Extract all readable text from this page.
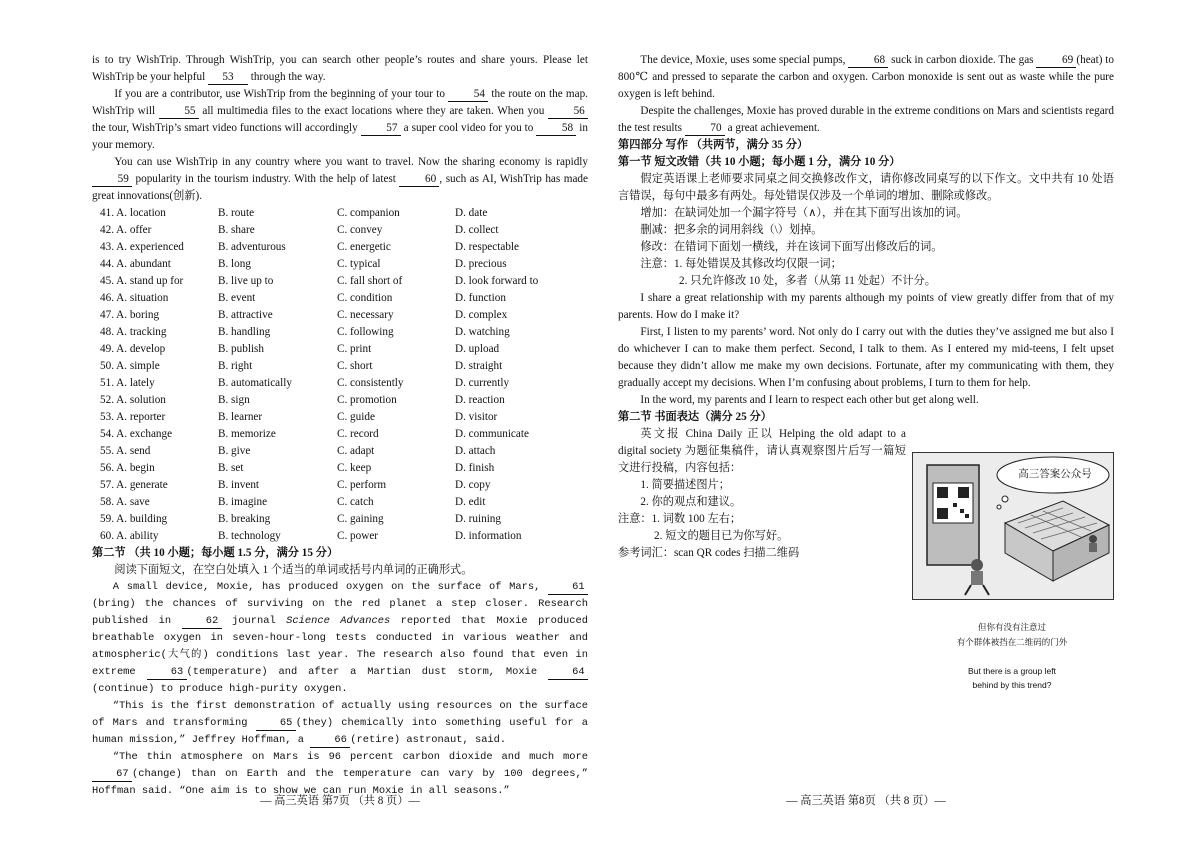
is to try WishTrip. Through WishTrip, you can search other people’s routes and share yours. Please let WishTrip be your helpful 53 through the way.

If you are a contributor, use WishTrip from the beginning of your tour to 54 the route on the map. WishTrip will 55 all multimedia files to the exact locations where they are taken. When you 56 the tour, WishTrip’s smart video functions will accordingly 57 a super cool video for you to 58 in your memory.

You can use WishTrip in any country where you want to travel. Now the sharing economy is rapidly 59 popularity in the tourism industry. With the help of latest 60 , such as AI, WishTrip has made great innovations(创新).

41. A. location	B. route	C. companion	D. date
42. A. offer	B. share	C. convey	D. collect
43. A. experienced	B. adventurous	C. energetic	D. respectable
44. A. abundant	B. long	C. typical	D. precious
45. A. stand up for	B. live up to	C. fall short of	D. look forward to
46. A. situation	B. event	C. condition	D. function
47. A. boring	B. attractive	C. necessary	D. complex
48. A. tracking	B. handling	C. following	D. watching
49. A. develop	B. publish	C. print	D. upload
50. A. simple	B. right	C. short	D. straight
51. A. lately	B. automatically	C. consistently	D. currently
52. A. solution	B. sign	C. promotion	D. reaction
53. A. reporter	B. learner	C. guide	D. visitor
54. A. exchange	B. memorize	C. record	D. communicate
55. A. send	B. give	C. adapt	D. attach
56. A. begin	B. set	C. keep	D. finish
57. A. generate	B. invent	C. perform	D. copy
58. A. save	B. imagine	C. catch	D. edit
59. A. building	B. breaking	C. gaining	D. ruining
60. A. ability	B. technology	C. power	D. information

第二节 （共 10 小题；每小题 1.5 分，满分 15 分）

阅读下面短文，在空白处填入 1 个适当的单词或括号内单词的正确形式。

A small device, Moxie, has produced oxygen on the surface of Mars, 61(bring) the chances of surviving on the red planet a step closer. Research published in 62 journal Science Advances reported that Moxie produced breathable oxygen in seven-hour-long tests conducted in various weather and atmospheric(大气的) conditions last year. The research also found that even in extreme 63 (temperature) and after a Martian dust storm, Moxie 64(continue) to produce high-purity oxygen.

“This is the first demonstration of actually using resources on the surface of Mars and transforming 65 (they) chemically into something useful for a human mission,” Jeffrey Hoffman, a 66 (retire) astronaut, said.

“The thin atmosphere on Mars is 96 percent carbon dioxide and much more 67 (change) than on Earth and the temperature can vary by 100 degrees,” Hoffman said. “One aim is to show we can run Moxie in all seasons.”

— 高三英语 第7页 （共 8 页）—

The device, Moxie, uses some special pumps, 68 suck in carbon dioxide. The gas 69 (heat) to 800℃ and pressed to separate the carbon and oxygen. Carbon monoxide is sent out as waste while the pure oxygen is left behind.

Despite the challenges, Moxie has proved durable in the extreme conditions on Mars and scientists regard the test results 70 a great achievement.

第四部分 写作 （共两节，满分 35 分）

第一节 短文改错（共 10 小题；每小题 1 分，满分 10 分）

假定英语课上老师要求同桌之间交换修改作文，请你修改同桌写的以下作文。文中共有 10 处语言错误，每句中最多有两处。每处错误仅涉及一个单词的增加、删除或修改。

增加：在缺词处加一个漏字符号（∧），并在其下面写出该加的词。

删减：把多余的词用斜线（\）划掉。

修改：在错词下面划一横线，并在该词下面写出修改后的词。

注意：1. 每处错误及其修改均仅限一词；

2. 只允许修改 10 处，多者（从第 11 处起）不计分。

I share a great relationship with my parents although my points of view greatly differ from that of my parents. How do I make it?

First, I listen to my parents’ word. Not only do I carry out with the duties they’ve assigned me but also I do whichever I can to make them perfect. Second, I talk to them. As I entered my mid-teens, I felt upset because they didn’t allow me make my own decisions. Fortunate, after my communicating with them, they gradually accept my decisions. When I’m confusing about problems, I turn to them for help.

In the word, my parents and I learn to respect each other but get along well.

第二节 书面表达（满分 25 分）

英文报 China Daily 正以 Helping the old adapt to a digital society 为题征集稿件，请认真观察图片后写一篇短文进行投稿，内容包括：

1. 简要描述图片；

2. 你的观点和建议。

注意：1. 词数 100 左右；

2. 短文的题目已为你写好。

参考词汇：scan QR codes 扫描二维码

高三答案公众号
但你有没有注意过
有个群体被挡在二维码的门外
But there is a group left
behind by this trend?
— 高三英语 第8页 （共 8 页）—
